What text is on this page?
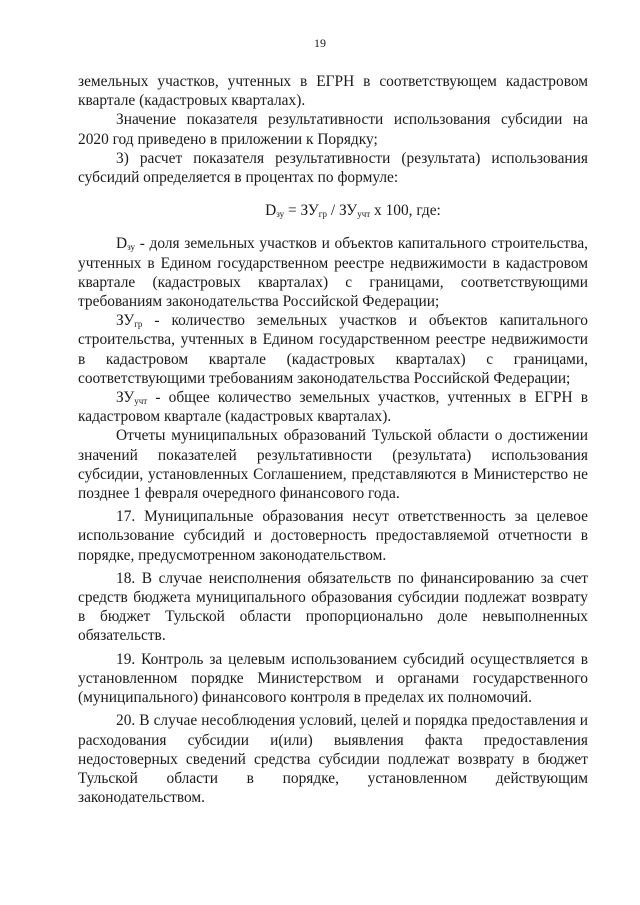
19

земельных участков, учтенных в ЕГРН в соответствующем кадастровом квартале (кадастровых кварталах).

Значение показателя результативности использования субсидии на 2020 год приведено в приложении к Порядку;

3) расчет показателя результативности (результата) использования субсидий определяется в процентах по формуле:

$D_{зу} = ЗУ_{гр} / ЗУ_{учт}$ х 100, где:

$D_{зу}$ - доля земельных участков и объектов капитального строительства, учтенных в Едином государственном реестре недвижимости в кадастровом квартале (кадастровых кварталах) с границами, соответствующими требованиям законодательства Российской Федерации;

$ЗУ_{гр}$ - количество земельных участков и объектов капитального строительства, учтенных в Едином государственном реестре недвижимости в кадастровом квартале (кадастровых кварталах) с границами, соответствующими требованиям законодательства Российской Федерации;

$ЗУ_{учт}$ - общее количество земельных участков, учтенных в ЕГРН в кадастровом квартале (кадастровых кварталах).

Отчеты муниципальных образований Тульской области о достижении значений показателей результативности (результата) использования субсидии, установленных Соглашением, представляются в Министерство не позднее 1 февраля очередного финансового года.

17. Муниципальные образования несут ответственность за целевое использование субсидий и достоверность предоставляемой отчетности в порядке, предусмотренном законодательством.

18. В случае неисполнения обязательств по финансированию за счет средств бюджета муниципального образования субсидии подлежат возврату в бюджет Тульской области пропорционально доле невыполненных обязательств.

19. Контроль за целевым использованием субсидий осуществляется в установленном порядке Министерством и органами государственного (муниципального) финансового контроля в пределах их полномочий.

20. В случае несоблюдения условий, целей и порядка предоставления и расходования субсидии и(или) выявления факта предоставления недостоверных сведений средства субсидии подлежат возврату в бюджет Тульской области в порядке, установленном действующим законодательством.
